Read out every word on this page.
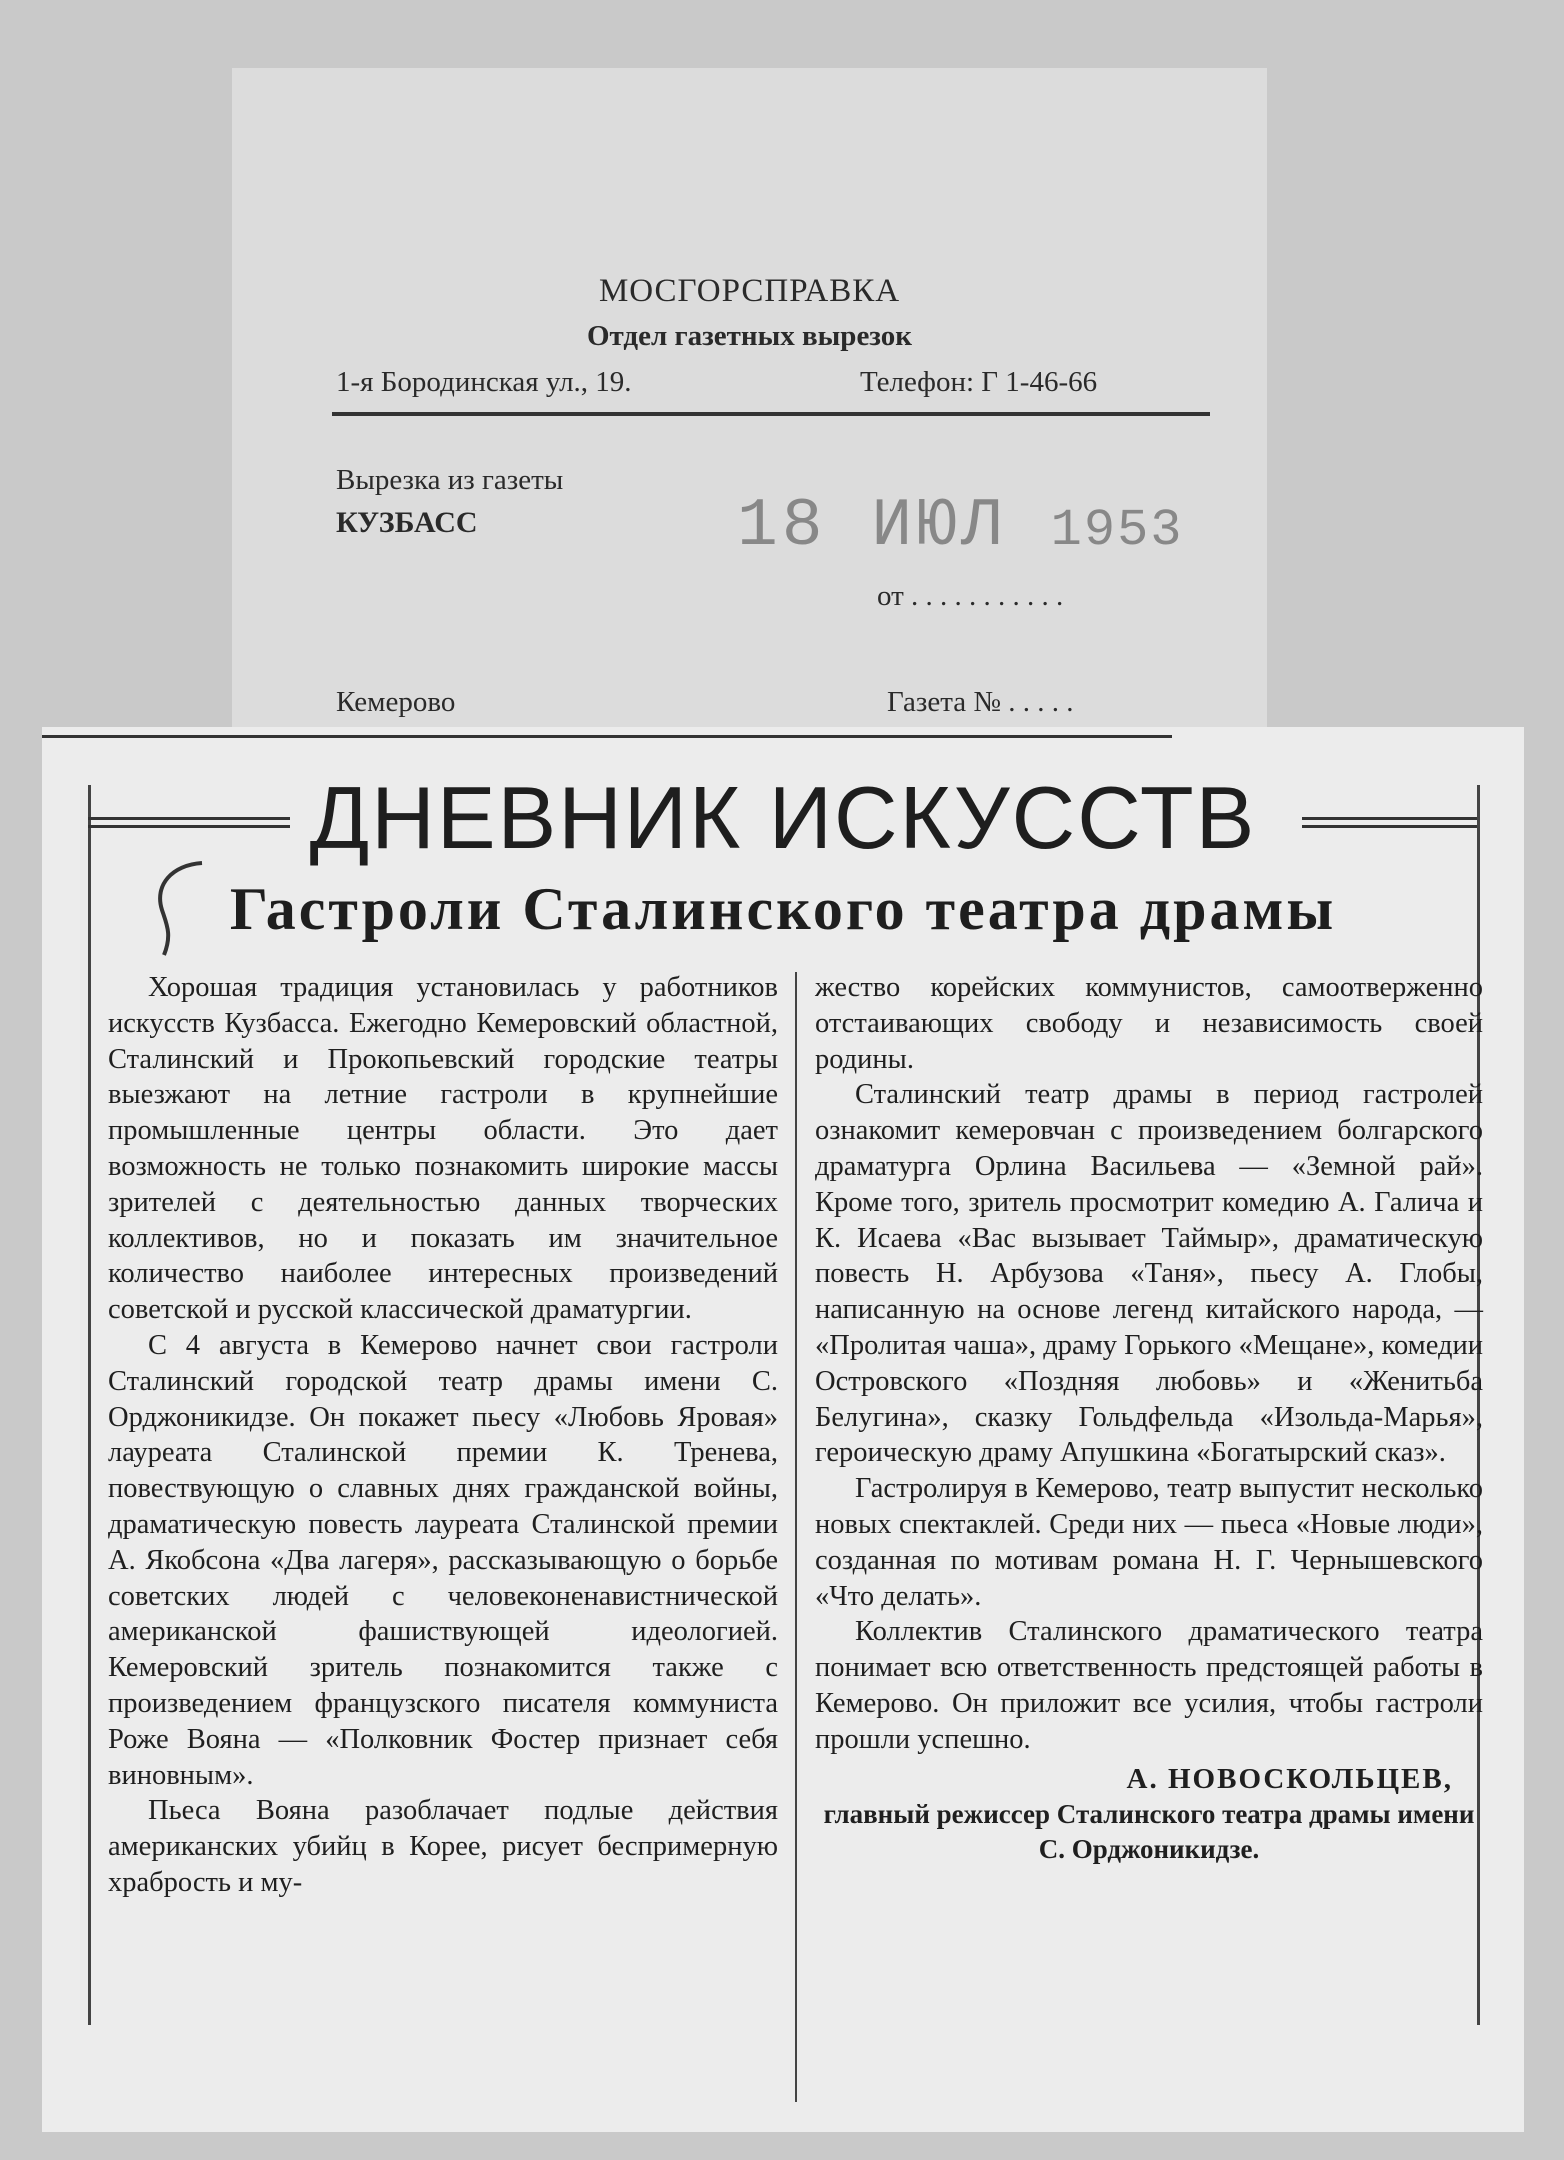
МОСГОРСПРАВКА
Отдел газетных вырезок
1-я Бородинская ул., 19.	Телефон: Г 1-46-66
Вырезка из газеты
КУЗБАСС	18 ИЮЛ 1953
от . . . . . . . . . . .
Кемерово	Газета № . . . . .
ДНЕВНИК ИСКУССТВ
Гастроли Сталинского театра драмы

Хорошая традиция установилась у работников искусств Кузбасса. Ежегодно Кемеровский областной, Сталинский и Прокопьевский городские театры выезжают на летние гастроли в крупнейшие промышленные центры области. Это дает возможность не только познакомить широкие массы зрителей с деятельностью данных творческих коллективов, но и показать им значительное количество наиболее интересных произведений советской и русской классической драматургии.

С 4 августа в Кемерово начнет свои гастроли Сталинский городской театр драмы имени С. Орджоникидзе. Он покажет пьесу «Любовь Яровая» лауреата Сталинской премии К. Тренева, повествующую о славных днях гражданской войны, драматическую повесть лауреата Сталинской премии А. Якобсона «Два лагеря», рассказывающую о борьбе советских людей с человеконенавистнической американской фашиствующей идеологией. Кемеровский зритель познакомится также с произведением французского писателя коммуниста Роже Вояна — «Полковник Фостер признает себя виновным».

Пьеса Вояна разоблачает подлые действия американских убийц в Корее, рисует беспримерную храбрость и му-

жество корейских коммунистов, самоотверженно отстаивающих свободу и независимость своей родины.

Сталинский театр драмы в период гастролей ознакомит кемеровчан с произведением болгарского драматурга Орлина Васильева — «Земной рай». Кроме того, зритель просмотрит комедию А. Галича и К. Исаева «Вас вызывает Таймыр», драматическую повесть Н. Арбузова «Таня», пьесу А. Глобы, написанную на основе легенд китайского народа, — «Пролитая чаша», драму Горького «Мещане», комедии Островского «Поздняя любовь» и «Женитьба Белугина», сказку Гольдфельда «Изольда-Марья», героическую драму Апушкина «Богатырский сказ».

Гастролируя в Кемерово, театр выпустит несколько новых спектаклей. Среди них — пьеса «Новые люди», созданная по мотивам романа Н. Г. Чернышевского «Что делать».

Коллектив Сталинского драматического театра понимает всю ответственность предстоящей работы в Кемерово. Он приложит все усилия, чтобы гастроли прошли успешно.

А. НОВОСКОЛЬЦЕВ,
главный режиссер Сталинского театра драмы имени С. Орджоникидзе.
